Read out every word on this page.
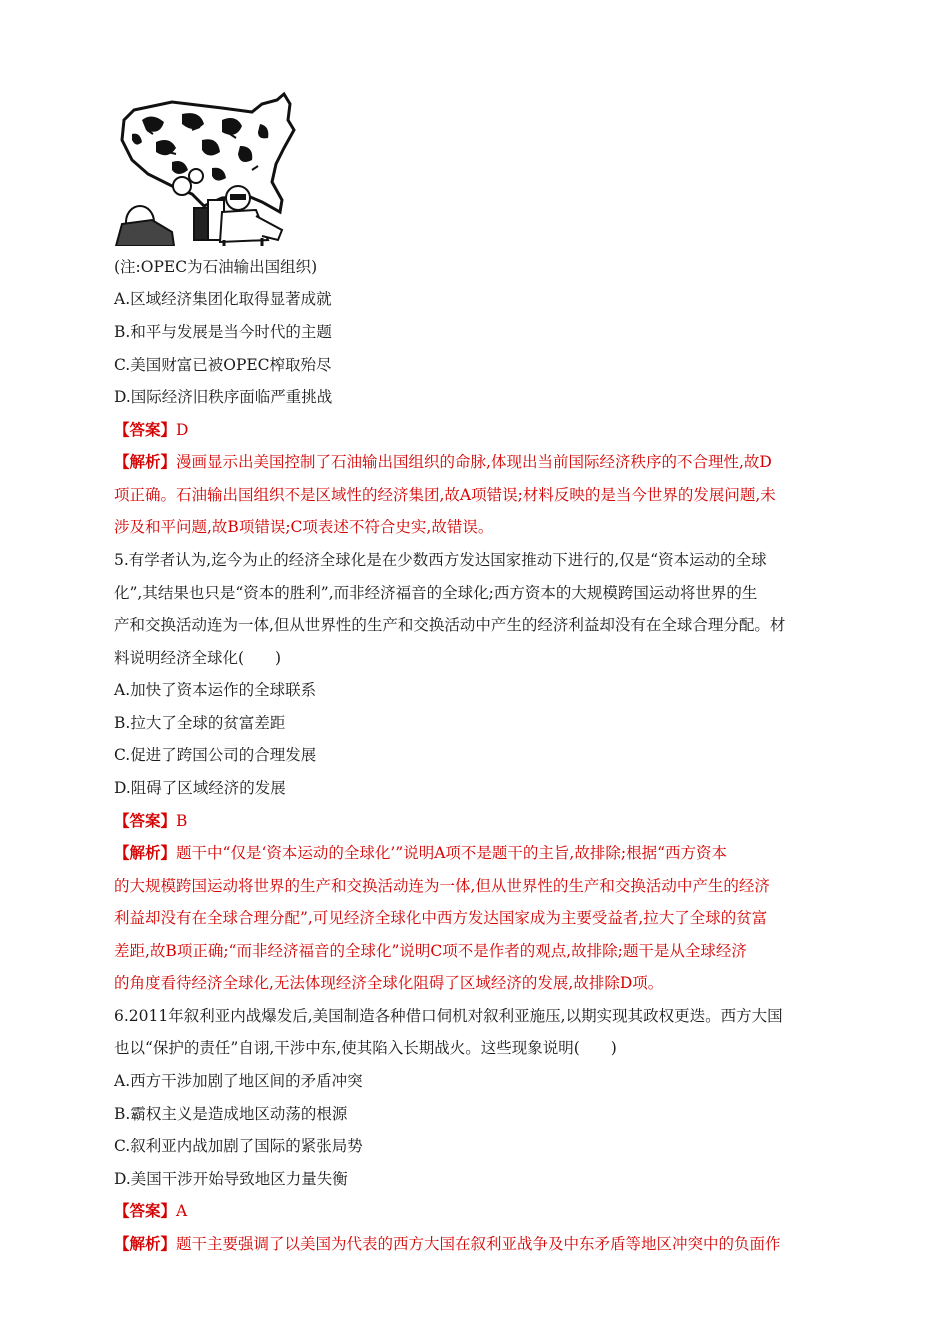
(注:OPEC为石油输出国组织)
A.区域经济集团化取得显著成就
B.和平与发展是当今时代的主题
C.美国财富已被OPEC榨取殆尽
D.国际经济旧秩序面临严重挑战
【答案】D
【解析】漫画显示出美国控制了石油输出国组织的命脉,体现出当前国际经济秩序的不合理性,故D
项正确。石油输出国组织不是区域性的经济集团,故A项错误;材料反映的是当今世界的发展问题,未
涉及和平问题,故B项错误;C项表述不符合史实,故错误。
5.有学者认为,迄今为止的经济全球化是在少数西方发达国家推动下进行的,仅是“资本运动的全球
化”,其结果也只是“资本的胜利”,而非经济福音的全球化;西方资本的大规模跨国运动将世界的生
产和交换活动连为一体,但从世界性的生产和交换活动中产生的经济利益却没有在全球合理分配。材
料说明经济全球化(　　)
A.加快了资本运作的全球联系
B.拉大了全球的贫富差距
C.促进了跨国公司的合理发展
D.阻碍了区域经济的发展
【答案】B
【解析】题干中“仅是‘资本运动的全球化’”说明A项不是题干的主旨,故排除;根据“西方资本
的大规模跨国运动将世界的生产和交换活动连为一体,但从世界性的生产和交换活动中产生的经济
利益却没有在全球合理分配”,可见经济全球化中西方发达国家成为主要受益者,拉大了全球的贫富
差距,故B项正确;“而非经济福音的全球化”说明C项不是作者的观点,故排除;题干是从全球经济
的角度看待经济全球化,无法体现经济全球化阻碍了区域经济的发展,故排除D项。
6.2011年叙利亚内战爆发后,美国制造各种借口伺机对叙利亚施压,以期实现其政权更迭。西方大国
也以“保护的责任”自诩,干涉中东,使其陷入长期战火。这些现象说明(　　)
A.西方干涉加剧了地区间的矛盾冲突
B.霸权主义是造成地区动荡的根源
C.叙利亚内战加剧了国际的紧张局势
D.美国干涉开始导致地区力量失衡
【答案】A
【解析】题干主要强调了以美国为代表的西方大国在叙利亚战争及中东矛盾等地区冲突中的负面作
